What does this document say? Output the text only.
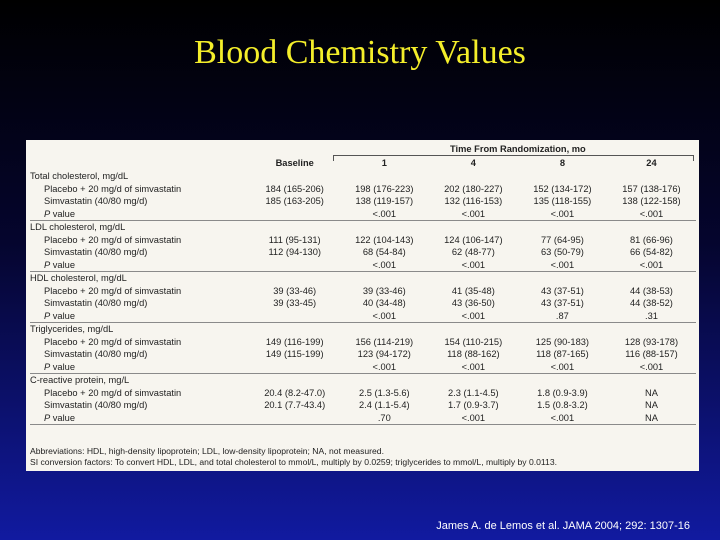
Blood Chemistry Values
		Time From Randomization, mo			
	Baseline	1	4	8	24
Total cholesterol, mg/dL					
Placebo + 20 mg/d of simvastatin	184 (165-206)	198 (176-223)	202 (180-227)	152 (134-172)	157 (138-176)
Simvastatin (40/80 mg/d)	185 (163-205)	138 (119-157)	132 (116-153)	135 (118-155)	138 (122-158)
P value		<.001	<.001	<.001	<.001
LDL cholesterol, mg/dL					
Placebo + 20 mg/d of simvastatin	111 (95-131)	122 (104-143)	124 (106-147)	77 (64-95)	81 (66-96)
Simvastatin (40/80 mg/d)	112 (94-130)	68 (54-84)	62 (48-77)	63 (50-79)	66 (54-82)
P value		<.001	<.001	<.001	<.001
HDL cholesterol, mg/dL					
Placebo + 20 mg/d of simvastatin	39 (33-46)	39 (33-46)	41 (35-48)	43 (37-51)	44 (38-53)
Simvastatin (40/80 mg/d)	39 (33-45)	40 (34-48)	43 (36-50)	43 (37-51)	44 (38-52)
P value		<.001	<.001	.87	.31
Triglycerides, mg/dL					
Placebo + 20 mg/d of simvastatin	149 (116-199)	156 (114-219)	154 (110-215)	125 (90-183)	128 (93-178)
Simvastatin (40/80 mg/d)	149 (115-199)	123 (94-172)	118 (88-162)	118 (87-165)	116 (88-157)
P value		<.001	<.001	<.001	<.001
C-reactive protein, mg/L					
Placebo + 20 mg/d of simvastatin	20.4 (8.2-47.0)	2.5 (1.3-5.6)	2.3 (1.1-4.5)	1.8 (0.9-3.9)	NA
Simvastatin (40/80 mg/d)	20.1 (7.7-43.4)	2.4 (1.1-5.4)	1.7 (0.9-3.7)	1.5 (0.8-3.2)	NA
P value		.70	<.001	<.001	NA
Abbreviations: HDL, high-density lipoprotein; LDL, low-density lipoprotein; NA, not measured.
SI conversion factors: To convert HDL, LDL, and total cholesterol to mmol/L, multiply by 0.0259; triglycerides to mmol/L, multiply by 0.0113.
James A. de Lemos et al. JAMA 2004; 292: 1307-16
